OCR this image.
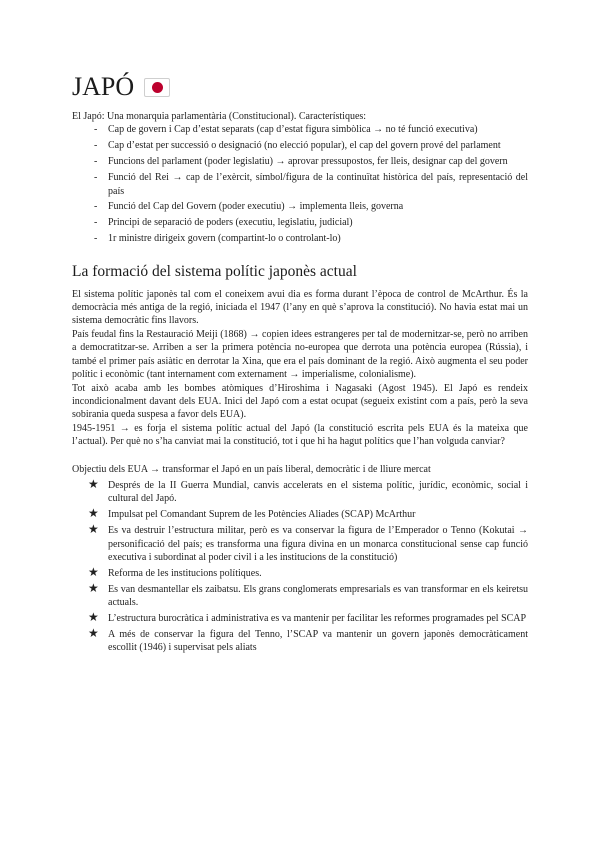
JAPÓ

El Japó: Una monarquia parlamentària (Constitucional). Característiques:

- Cap de govern i Cap d’estat separats (cap d’estat figura simbòlica → no té funció executiva)
- Cap d’estat per successió o designació (no elecció popular), el cap del govern prové del parlament
- Funcions del parlament (poder legislatiu) → aprovar pressupostos, fer lleis, designar cap del govern
- Funció del Rei → cap de l’exèrcit, símbol/figura de la continuïtat històrica del país, representació del país
- Funció del Cap del Govern (poder executiu) → implementa lleis, governa
- Principi de separació de poders (executiu, legislatiu, judicial)
- 1r ministre dirigeix govern (compartint-lo o controlant-lo)
La formació del sistema polític japonès actual

El sistema polític japonès tal com el coneixem avui dia es forma durant l’època de control de McArthur. És la democràcia més antiga de la regió, iniciada el 1947 (l’any en què s’aprova la constitució). No havia estat mai un sistema democràtic fins llavors.

País feudal fins la Restauració Meiji (1868) → copien idees estrangeres per tal de modernitzar-se, però no arriben a democratitzar-se. Arriben a ser la primera potència no-europea que derrota una potència europea (Rússia), i també el primer país asiàtic en derrotar la Xina, que era el país dominant de la regió. Això augmenta el seu poder polític i econòmic (tant internament com externament → imperialisme, colonialisme).

Tot això acaba amb les bombes atòmiques d’Hiroshima i Nagasaki (Agost 1945). El Japó es rendeix incondicionalment davant dels EUA. Inici del Japó com a estat ocupat (segueix existint com a país, però la seva sobirania queda suspesa a favor dels EUA).

1945-1951 → es forja el sistema polític actual del Japó (la constitució escrita pels EUA és la mateixa que l’actual). Per què no s’ha canviat mai la constitució, tot i que hi ha hagut polítics que l’han volguda canviar?

Objectiu dels EUA → transformar el Japó en un país liberal, democràtic i de lliure mercat

★ Després de la II Guerra Mundial, canvis accelerats en el sistema polític, jurídic, econòmic, social i cultural del Japó.
★ Impulsat pel Comandant Suprem de les Potències Aliades (SCAP) McArthur
★ Es va destruir l’estructura militar, però es va conservar la figura de l’Emperador o Tenno (Kokutai → personificació del país; es transforma una figura divina en un monarca constitucional sense cap funció executiva i subordinat al poder civil i a les institucions de la constitució)
★ Reforma de les institucions polítiques.
★ Es van desmantellar els zaibatsu. Els grans conglomerats empresarials es van transformar en els keiretsu actuals.
★ L’estructura burocràtica i administrativa es va mantenir per facilitar les reformes programades pel SCAP
★ A més de conservar la figura del Tenno, l’SCAP va mantenir un govern japonès democràticament escollit (1946) i supervisat pels aliats
